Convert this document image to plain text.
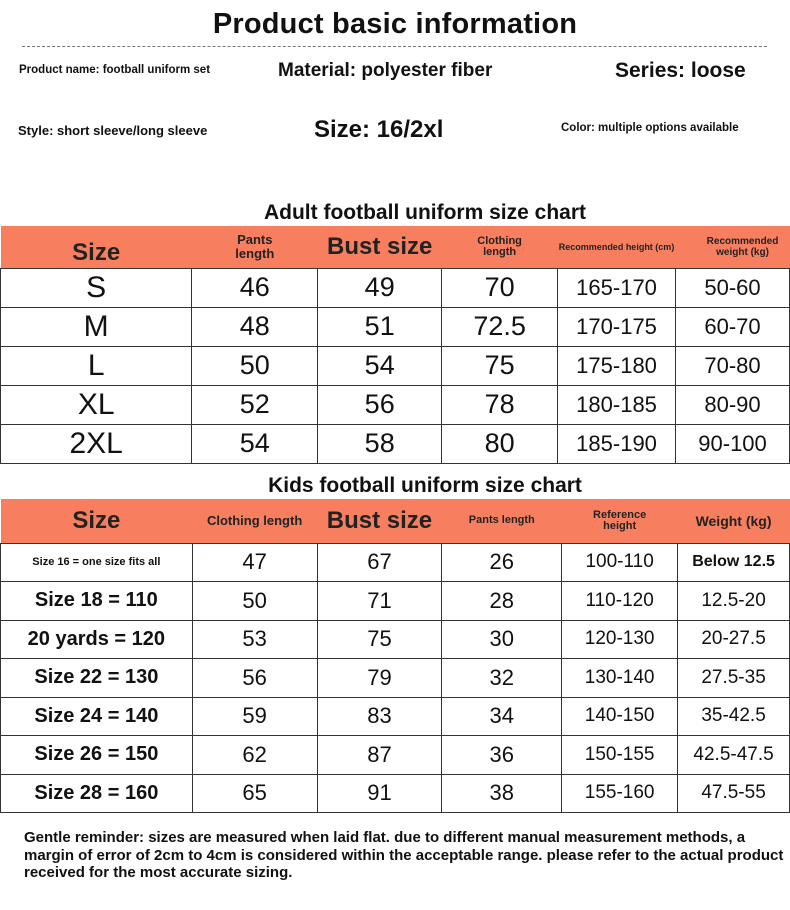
Product basic information
Product name: football uniform set	Material: polyester fiber	Series: loose
Style: short sleeve/long sleeve	Size: 16/2xl	Color: multiple options available
Adult football uniform size chart
Size	Pants length	Bust size	Clothing length	Recommended height (cm)	Recommended weight (kg)
S	46	49	70	165-170	50-60
M	48	51	72.5	170-175	60-70
L	50	54	75	175-180	70-80
XL	52	56	78	180-185	80-90
2XL	54	58	80	185-190	90-100
Kids football uniform size chart
Size	Clothing length	Bust size	Pants length	Reference height	Weight (kg)
Size 16 = one size fits all	47	67	26	100-110	Below 12.5
Size 18 = 110	50	71	28	110-120	12.5-20
20 yards = 120	53	75	30	120-130	20-27.5
Size 22 = 130	56	79	32	130-140	27.5-35
Size 24 = 140	59	83	34	140-150	35-42.5
Size 26 = 150	62	87	36	150-155	42.5-47.5
Size 28 = 160	65	91	38	155-160	47.5-55
Gentle reminder: sizes are measured when laid flat. due to different manual measurement methods, a margin of error of 2cm to 4cm is considered within the acceptable range. please refer to the actual product received for the most accurate sizing.
